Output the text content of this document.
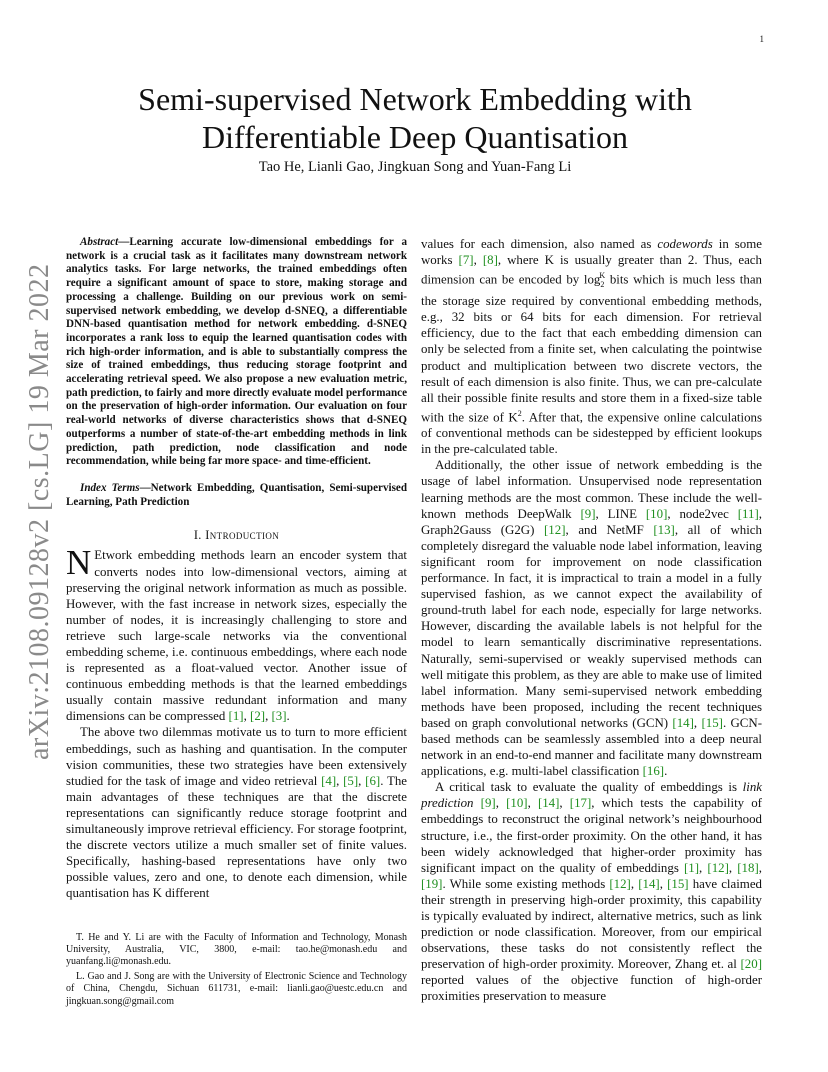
1
arXiv:2108.09128v2 [cs.LG] 19 Mar 2022
Semi-supervised Network Embedding with
Differentiable Deep Quantisation
Tao He, Lianli Gao, Jingkuan Song and Yuan-Fang Li

Abstract—Learning accurate low-dimensional embeddings for a network is a crucial task as it facilitates many downstream network analytics tasks. For large networks, the trained embeddings often require a significant amount of space to store, making storage and processing a challenge. Building on our previous work on semi-supervised network embedding, we develop d-SNEQ, a differentiable DNN-based quantisation method for network embedding. d-SNEQ incorporates a rank loss to equip the learned quantisation codes with rich high-order information, and is able to substantially compress the size of trained embeddings, thus reducing storage footprint and accelerating retrieval speed. We also propose a new evaluation metric, path prediction, to fairly and more directly evaluate model performance on the preservation of high-order information. Our evaluation on four real-world networks of diverse characteristics shows that d-SNEQ outperforms a number of state-of-the-art embedding methods in link prediction, path prediction, node classification and node recommendation, while being far more space- and time-efficient.

Index Terms—Network Embedding, Quantisation, Semi-supervised Learning, Path Prediction

I. Introduction

N Etwork embedding methods learn an encoder system that converts nodes into low-dimensional vectors, aiming at preserving the original network information as much as possible. However, with the fast increase in network sizes, especially the number of nodes, it is increasingly challenging to store and retrieve such large-scale networks via the conventional embedding scheme, i.e. continuous embeddings, where each node is represented as a float-valued vector. Another issue of continuous embedding methods is that the learned embeddings usually contain massive redundant information and many dimensions can be compressed [1], [2], [3].

The above two dilemmas motivate us to turn to more efficient embeddings, such as hashing and quantisation. In the computer vision communities, these two strategies have been extensively studied for the task of image and video retrieval [4], [5], [6]. The main advantages of these techniques are that the discrete representations can significantly reduce storage footprint and simultaneously improve retrieval efficiency. For storage footprint, the discrete vectors utilize a much smaller set of finite values. Specifically, hashing-based representations have only two possible values, zero and one, to denote each dimension, while quantisation has K different

T. He and Y. Li are with the Faculty of Information and Technology, Monash University, Australia, VIC, 3800, e-mail: tao.he@monash.edu and yuanfang.li@monash.edu.

L. Gao and J. Song are with the University of Electronic Science and Technology of China, Chengdu, Sichuan 611731, e-mail: lianli.gao@uestc.edu.cn and jingkuan.song@gmail.com

values for each dimension, also named as codewords in some works [7], [8], where K is usually greater than 2. Thus, each dimension can be encoded by $\log_2^K$ bits which is much less than the storage size required by conventional embedding methods, e.g., 32 bits or 64 bits for each dimension. For retrieval efficiency, due to the fact that each embedding dimension can only be selected from a finite set, when calculating the pointwise product and multiplication between two discrete vectors, the result of each dimension is also finite. Thus, we can pre-calculate all their possible finite results and store them in a fixed-size table with the size of $K^2$. After that, the expensive online calculations of conventional methods can be sidestepped by efficient lookups in the pre-calculated table.

Additionally, the other issue of network embedding is the usage of label information. Unsupervised node representation learning methods are the most common. These include the well-known methods DeepWalk [9], LINE [10], node2vec [11], Graph2Gauss (G2G) [12], and NetMF [13], all of which completely disregard the valuable node label information, leaving significant room for improvement on node classification performance. In fact, it is impractical to train a model in a fully supervised fashion, as we cannot expect the availability of ground-truth label for each node, especially for large networks. However, discarding the available labels is not helpful for the model to learn semantically discriminative representations. Naturally, semi-supervised or weakly supervised methods can well mitigate this problem, as they are able to make use of limited label information. Many semi-supervised network embedding methods have been proposed, including the recent techniques based on graph convolutional networks (GCN) [14], [15]. GCN-based methods can be seamlessly assembled into a deep neural network in an end-to-end manner and facilitate many downstream applications, e.g. multi-label classification [16].

A critical task to evaluate the quality of embeddings is link prediction [9], [10], [14], [17], which tests the capability of embeddings to reconstruct the original network’s neighbourhood structure, i.e., the first-order proximity. On the other hand, it has been widely acknowledged that higher-order proximity has significant impact on the quality of embeddings [1], [12], [18], [19]. While some existing methods [12], [14], [15] have claimed their strength in preserving high-order proximity, this capability is typically evaluated by indirect, alternative metrics, such as link prediction or node classification. Moreover, from our empirical observations, these tasks do not consistently reflect the preservation of high-order proximity. Moreover, Zhang et. al [20] reported values of the objective function of high-order proximities preservation to measure
